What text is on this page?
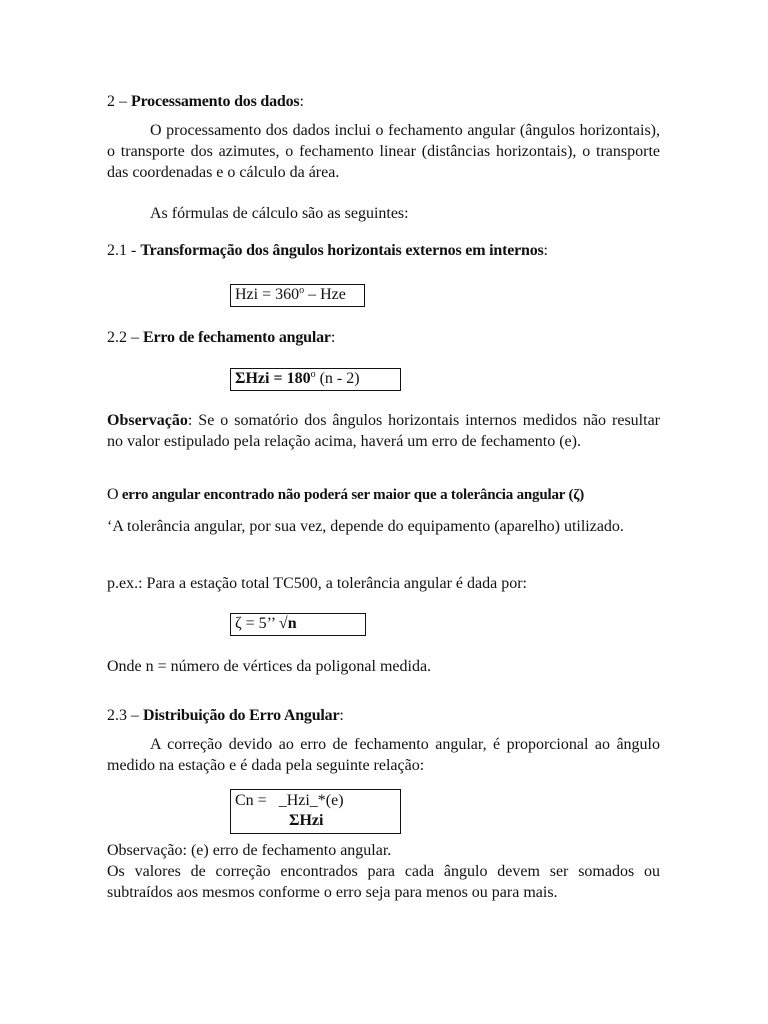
2 – Processamento dos dados:
O processamento dos dados inclui o fechamento angular (ângulos horizontais), o transporte dos azimutes, o fechamento linear (distâncias horizontais), o transporte das coordenadas e o cálculo da área.
As fórmulas de cálculo são as seguintes:
2.1 - Transformação dos ângulos horizontais externos em internos:
Hzi = $360^o$ – Hze
2.2 – Erro de fechamento angular:
$\Sigma Hzi = 180^o$ (n - 2)
Observação: Se o somatório dos ângulos horizontais internos medidos não resultar no valor estipulado pela relação acima, haverá um erro de fechamento (e).
O erro angular encontrado não poderá ser maior que a tolerância angular (ζ)
‘A tolerância angular, por sua vez, depende do equipamento (aparelho) utilizado.
p.ex.: Para a estação total TC500, a tolerância angular é dada por:
ζ = 5’’ √n
Onde n = número de vértices da poligonal medida.
2.3 – Distribuição do Erro Angular:
A correção devido ao erro de fechamento angular, é proporcional ao ângulo medido na estação e é dada pela seguinte relação:
Cn =   _Hzi_*(e)
ΣHzi
Observação: (e) erro de fechamento angular.
Os valores de correção encontrados para cada ângulo devem ser somados ou subtraídos aos mesmos conforme o erro seja para menos ou para mais.
